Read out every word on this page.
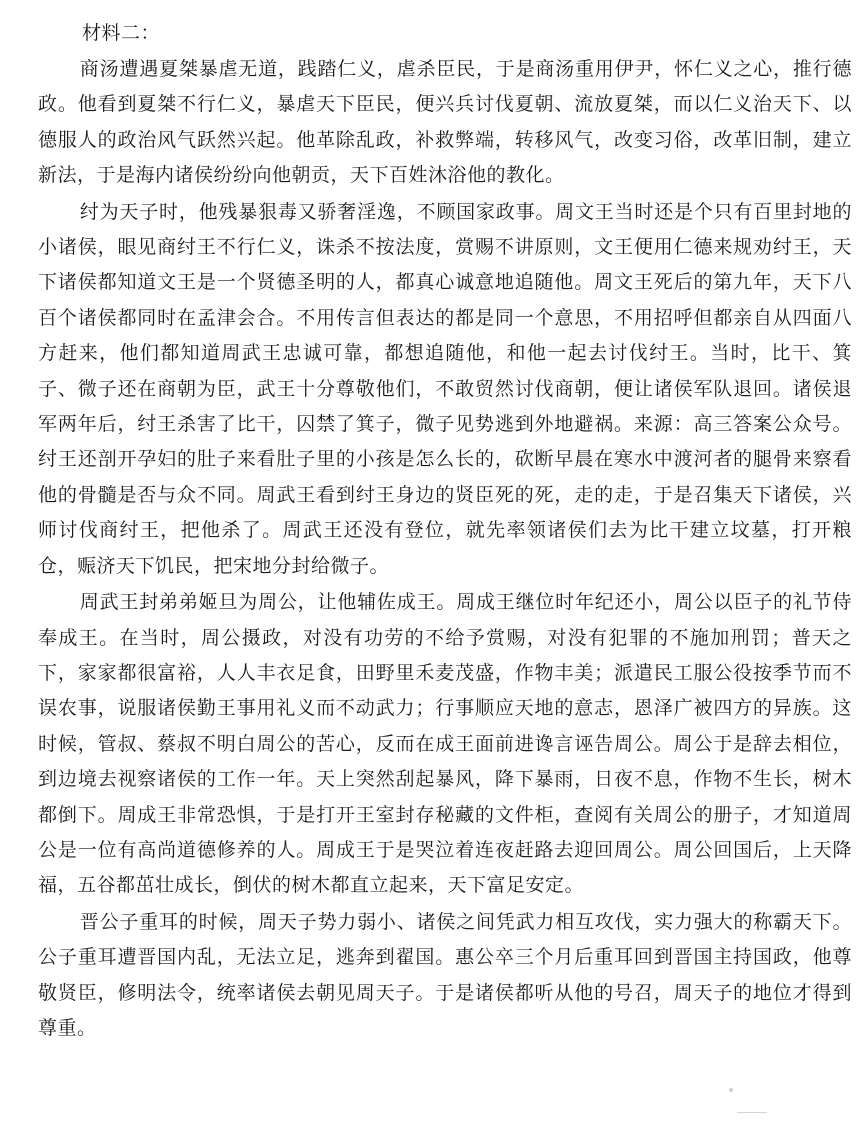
材料二：

商汤遭遇夏桀暴虐无道，践踏仁义，虐杀臣民，于是商汤重用伊尹，怀仁义之心，推行德政。他看到夏桀不行仁义，暴虐天下臣民，便兴兵讨伐夏朝、流放夏桀，而以仁义治天下、以德服人的政治风气跃然兴起。他革除乱政，补救弊端，转移风气，改变习俗，改革旧制，建立新法，于是海内诸侯纷纷向他朝贡，天下百姓沐浴他的教化。

纣为天子时，他残暴狠毒又骄奢淫逸，不顾国家政事。周文王当时还是个只有百里封地的小诸侯，眼见商纣王不行仁义，诛杀不按法度，赏赐不讲原则，文王便用仁德来规劝纣王，天下诸侯都知道文王是一个贤德圣明的人，都真心诚意地追随他。周文王死后的第九年，天下八百个诸侯都同时在孟津会合。不用传言但表达的都是同一个意思，不用招呼但都亲自从四面八方赶来，他们都知道周武王忠诚可靠，都想追随他，和他一起去讨伐纣王。当时，比干、箕子、微子还在商朝为臣，武王十分尊敬他们，不敢贸然讨伐商朝，便让诸侯军队退回。诸侯退军两年后，纣王杀害了比干，囚禁了箕子，微子见势逃到外地避祸。来源：高三答案公众号。纣王还剖开孕妇的肚子来看肚子里的小孩是怎么长的，砍断早晨在寒水中渡河者的腿骨来察看他的骨髓是否与众不同。周武王看到纣王身边的贤臣死的死，走的走，于是召集天下诸侯，兴师讨伐商纣王，把他杀了。周武王还没有登位，就先率领诸侯们去为比干建立坟墓，打开粮仓，赈济天下饥民，把宋地分封给微子。

周武王封弟弟姬旦为周公，让他辅佐成王。周成王继位时年纪还小，周公以臣子的礼节侍奉成王。在当时，周公摄政，对没有功劳的不给予赏赐，对没有犯罪的不施加刑罚；普天之下，家家都很富裕，人人丰衣足食，田野里禾麦茂盛，作物丰美；派遣民工服公役按季节而不误农事，说服诸侯勤王事用礼义而不动武力；行事顺应天地的意志，恩泽广被四方的异族。这时候，管叔、蔡叔不明白周公的苦心，反而在成王面前进谗言诬告周公。周公于是辞去相位，到边境去视察诸侯的工作一年。天上突然刮起暴风，降下暴雨，日夜不息，作物不生长，树木都倒下。周成王非常恐惧，于是打开王室封存秘藏的文件柜，查阅有关周公的册子，才知道周公是一位有高尚道德修养的人。周成王于是哭泣着连夜赶路去迎回周公。周公回国后，上天降福，五谷都茁壮成长，倒伏的树木都直立起来，天下富足安定。

晋公子重耳的时候，周天子势力弱小、诸侯之间凭武力相互攻伐，实力强大的称霸天下。公子重耳遭晋国内乱，无法立足，逃奔到翟国。惠公卒三个月后重耳回到晋国主持国政，他尊敬贤臣，修明法令，统率诸侯去朝见周天子。于是诸侯都听从他的号召，周天子的地位才得到尊重。
